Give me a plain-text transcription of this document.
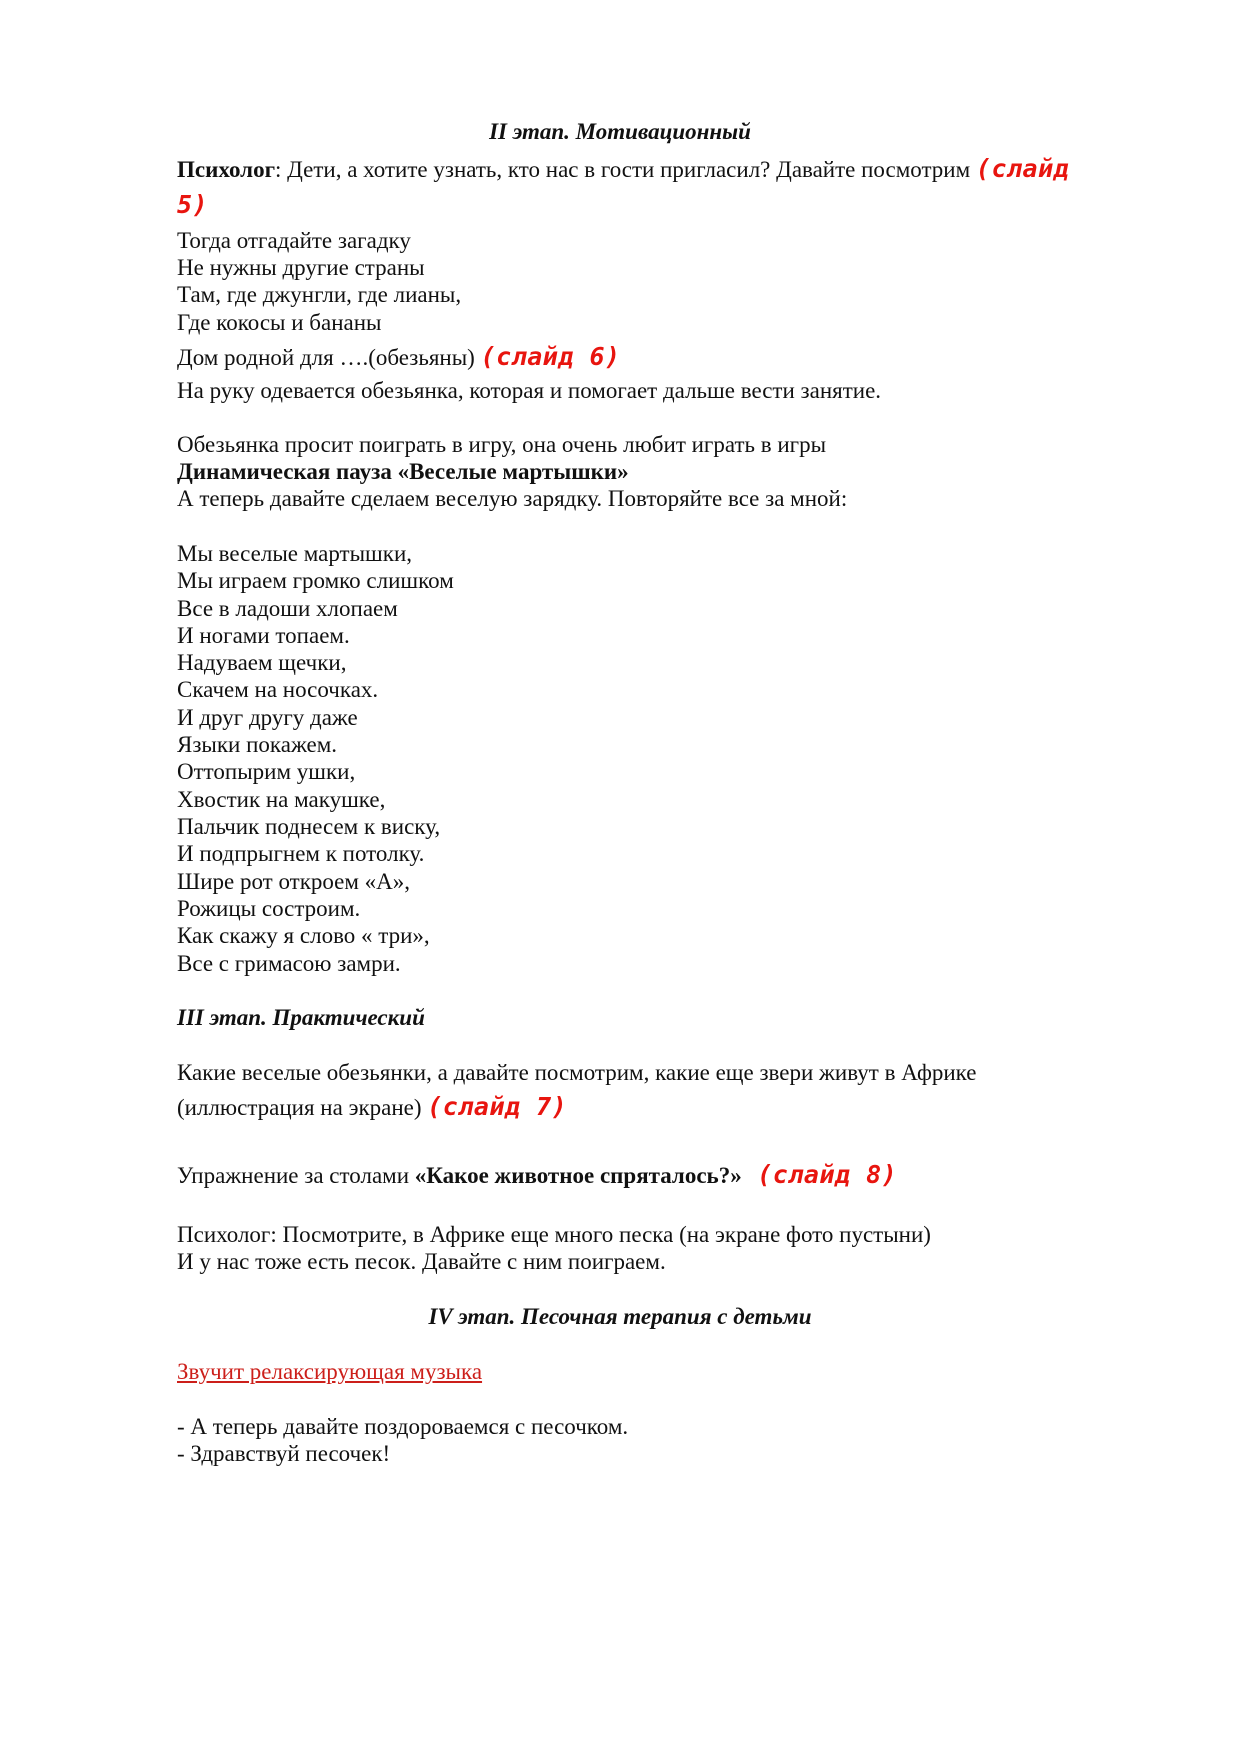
II этап. Мотивационный
Психолог: Дети, а хотите узнать, кто нас в гости пригласил? Давайте посмотрим (слайд
5)
Тогда отгадайте загадку
Не нужны другие страны
Там, где джунгли, где лианы,
Где кокосы и бананы
Дом родной для ….(обезьяны) (слайд 6)
На руку одевается обезьянка, которая и помогает дальше вести занятие.
Обезьянка просит поиграть в игру, она очень любит играть в игры
Динамическая пауза «Веселые мартышки»
А теперь давайте сделаем веселую зарядку. Повторяйте все за мной:
Мы веселые мартышки,
Мы играем громко слишком
Все в ладоши хлопаем
И ногами топаем.
Надуваем щечки,
Скачем на носочках.
И друг другу даже
Языки покажем.
Оттопырим ушки,
Хвостик на макушке,
Пальчик поднесем к виску,
И подпрыгнем к потолку.
Шире рот откроем «А»,
Рожицы состроим.
Как скажу я слово « три»,
Все с гримасою замри.
III этап. Практический
Какие веселые обезьянки, а давайте посмотрим, какие еще звери живут в Африке
(иллюстрация на экране) (слайд 7)
Упражнение за столами «Какое животное спряталось?» (слайд 8)
Психолог: Посмотрите, в Африке еще много песка (на экране фото пустыни)
И у нас тоже есть песок. Давайте с ним поиграем.
IV этап. Песочная терапия с детьми
Звучит релаксирующая музыка
- А теперь давайте поздороваемся с песочком.
- Здравствуй песочек!
